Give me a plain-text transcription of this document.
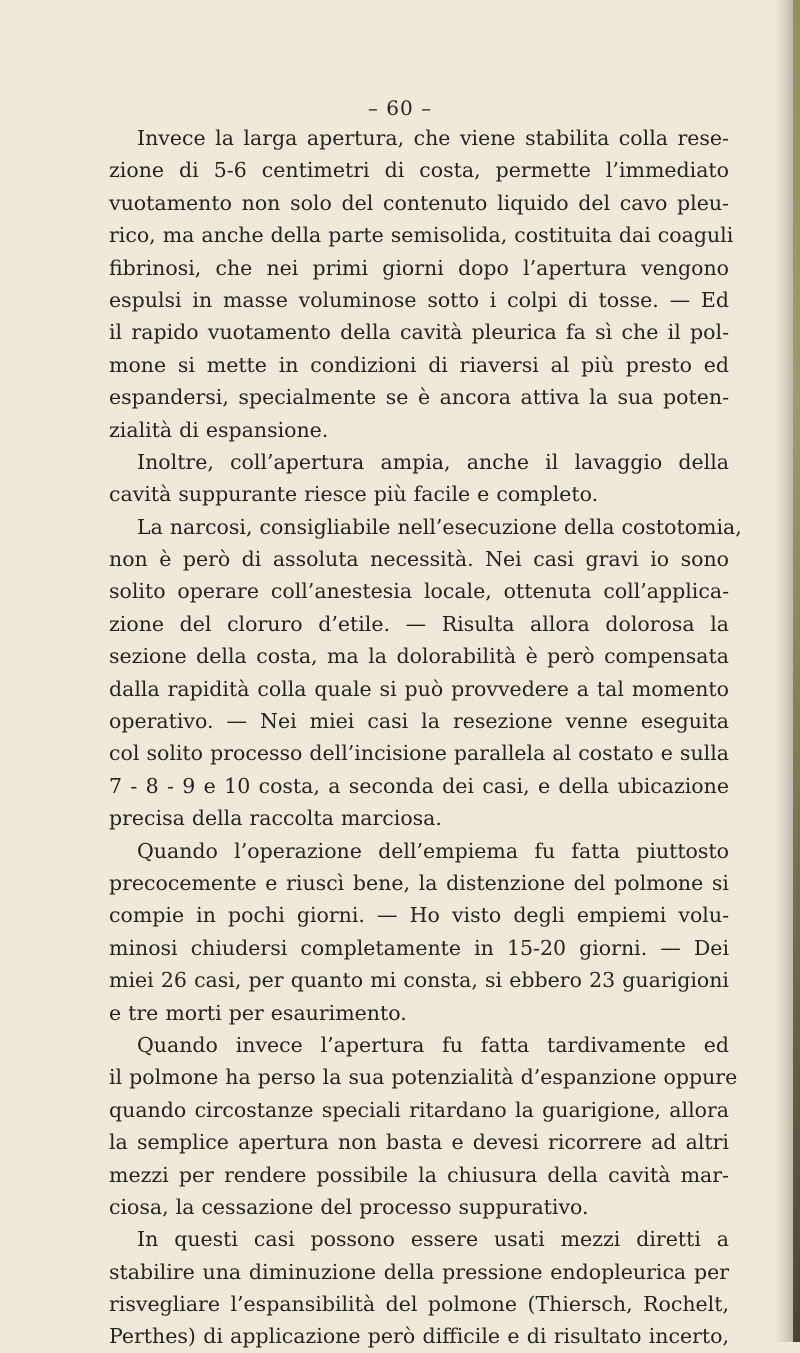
– 60 –
Invece la larga apertura, che viene stabilita colla rese-
zione di 5-6 centimetri di costa, permette l’immediato
vuotamento non solo del contenuto liquido del cavo pleu-
rico, ma anche della parte semisolida, costituita dai coaguli
fibrinosi, che nei primi giorni dopo l’apertura vengono
espulsi in masse voluminose sotto i colpi di tosse. — Ed
il rapido vuotamento della cavità pleurica fa sì che il pol-
mone si mette in condizioni di riaversi al più presto ed
espandersi, specialmente se è ancora attiva la sua poten-
zialità di espansione.
Inoltre, coll’apertura ampia, anche il lavaggio della
cavità suppurante riesce più facile e completo.
La narcosi, consigliabile nell’esecuzione della costotomia,
non è però di assoluta necessità. Nei casi gravi io sono
solito operare coll’anestesia locale, ottenuta coll’applica-
zione del cloruro d’etile. — Risulta allora dolorosa la
sezione della costa, ma la dolorabilità è però compensata
dalla rapidità colla quale si può provvedere a tal momento
operativo. — Nei miei casi la resezione venne eseguita
col solito processo dell’incisione parallela al costato e sulla
7 - 8 - 9 e 10 costa, a seconda dei casi, e della ubicazione
precisa della raccolta marciosa.
Quando l’operazione dell’empiema fu fatta piuttosto
precocemente e riuscì bene, la distenzione del polmone si
compie in pochi giorni. — Ho visto degli empiemi volu-
minosi chiudersi completamente in 15-20 giorni. — Dei
miei 26 casi, per quanto mi consta, si ebbero 23 guarigioni
e tre morti per esaurimento.
Quando invece l’apertura fu fatta tardivamente ed
il polmone ha perso la sua potenzialità d’espanzione oppure
quando circostanze speciali ritardano la guarigione, allora
la semplice apertura non basta e devesi ricorrere ad altri
mezzi per rendere possibile la chiusura della cavità mar-
ciosa, la cessazione del processo suppurativo.
In questi casi possono essere usati mezzi diretti a
stabilire una diminuzione della pressione endopleurica per
risvegliare l’espansibilità del polmone (Thiersch, Rochelt,
Perthes) di applicazione però difficile e di risultato incerto,
